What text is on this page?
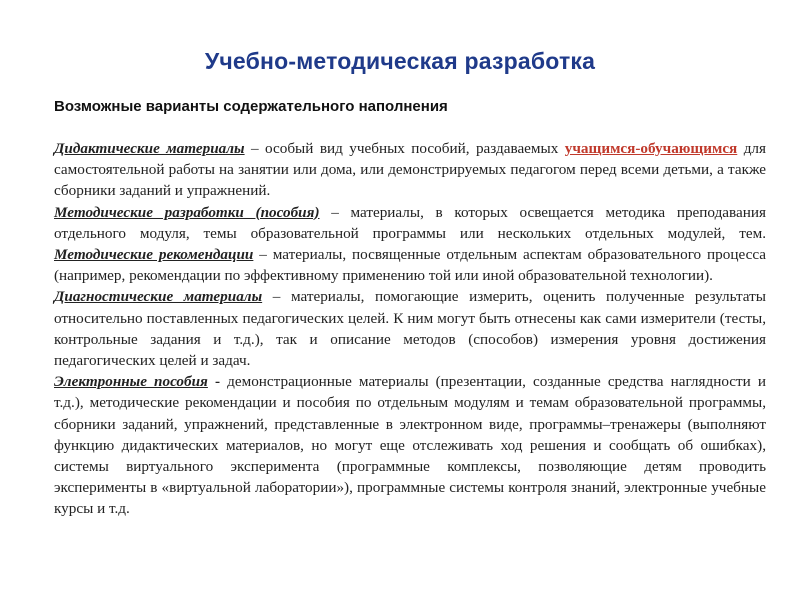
Учебно-методическая разработка
Возможные варианты содержательного наполнения

Дидактические материалы – особый вид учебных пособий, раздаваемых учащимся-обучающимся для самостоятельной работы на занятии или дома, или демонстрируемых педагогом перед всеми детьми, а также сборники заданий и упражнений.

Методические разработки (пособия) – материалы, в которых освещается методика преподавания отдельного модуля, темы образовательной программы или нескольких отдельных модулей, тем. Методические рекомендации – материалы, посвященные отдельным аспектам образовательного процесса (например, рекомендации по эффективному применению той или иной образовательной технологии).

Диагностические материалы – материалы, помогающие измерить, оценить полученные результаты относительно поставленных педагогических целей. К ним могут быть отнесены как сами измерители (тесты, контрольные задания и т.д.), так и описание методов (способов) измерения уровня достижения педагогических целей и задач.

Электронные пособия - демонстрационные материалы (презентации, созданные средства наглядности и т.д.), методические рекомендации и пособия по отдельным модулям и темам образовательной программы, сборники заданий, упражнений, представленные в электронном виде, программы–тренажеры (выполняют функцию дидактических материалов, но могут еще отслеживать ход решения и сообщать об ошибках), системы виртуального эксперимента (программные комплексы, позволяющие детям проводить эксперименты в «виртуальной лаборатории»), программные системы контроля знаний, электронные учебные курсы и т.д.
